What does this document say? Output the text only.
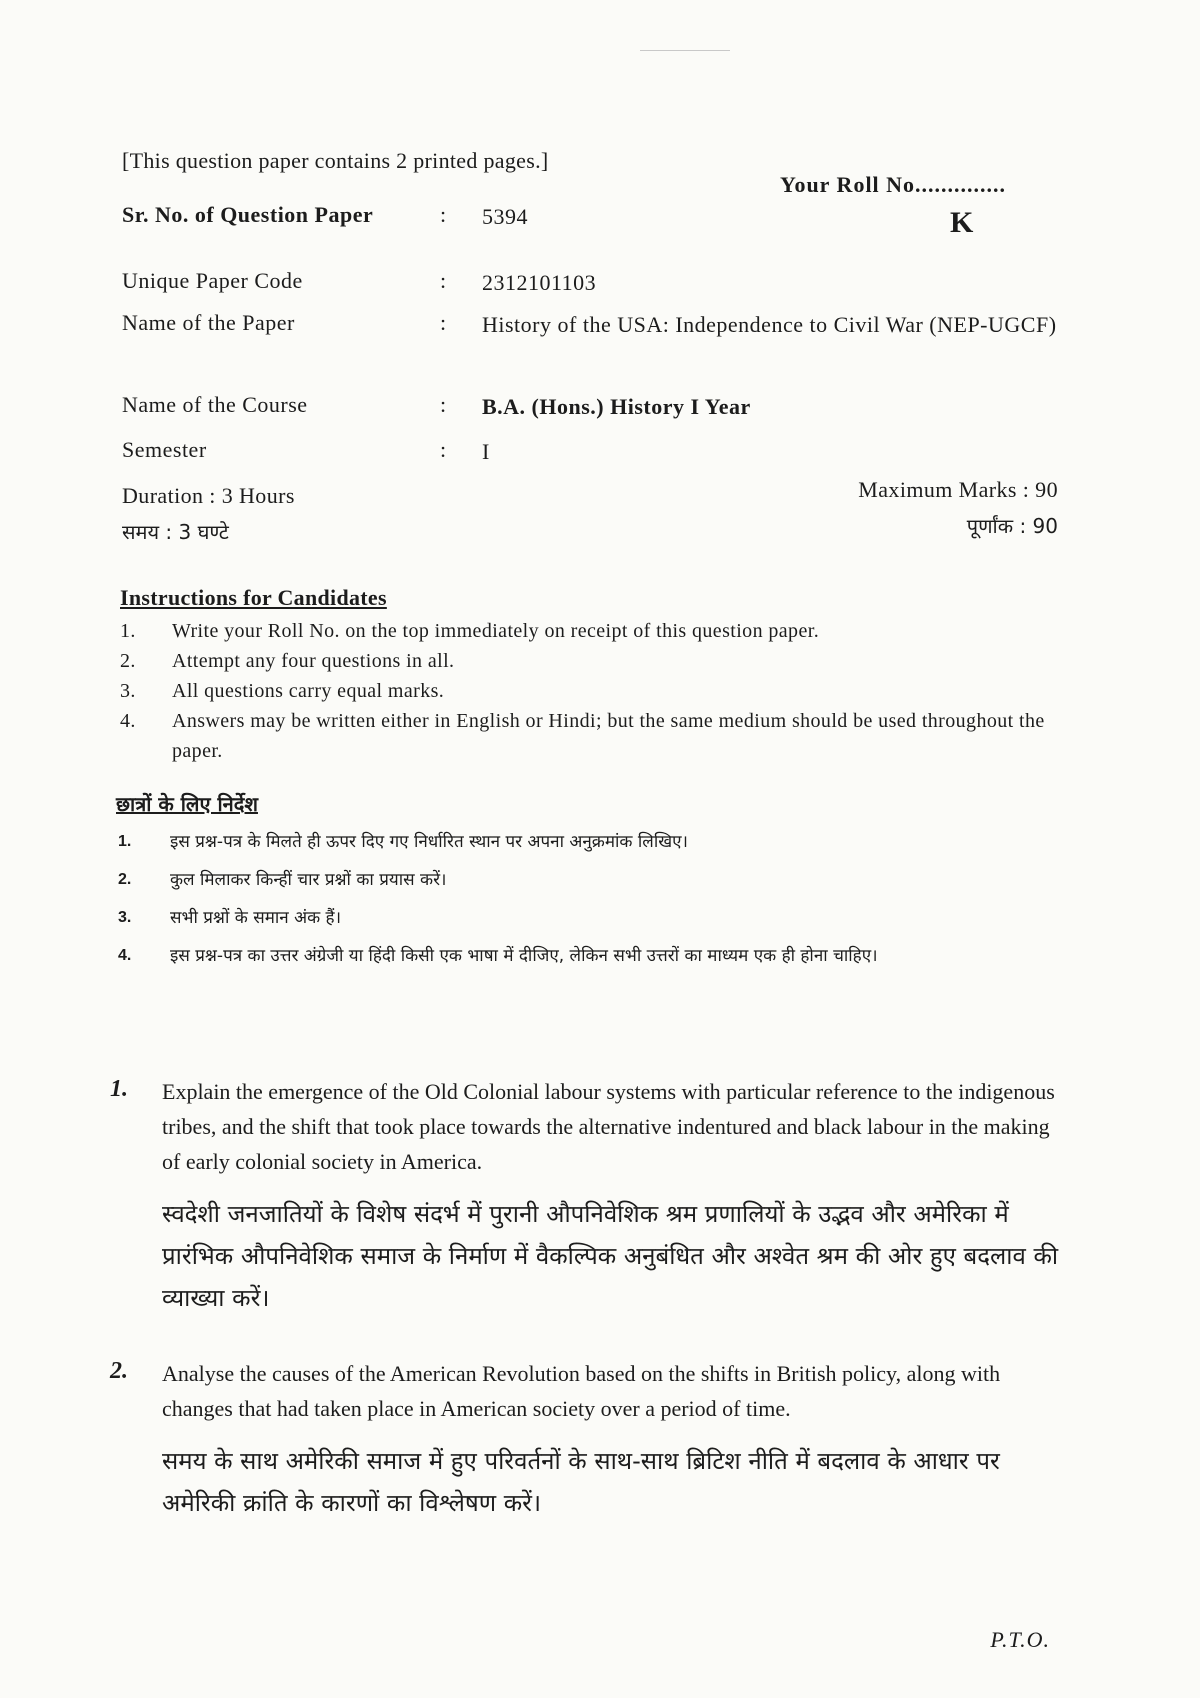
[This question paper contains 2 printed pages.]
Your Roll No..............
K
Sr. No. of Question Paper	: 5394
Unique Paper Code	: 2312101103
Name of the Paper	: History of the USA: Independence to Civil War (NEP-UGCF)
Name of the Course	: B.A. (Hons.) History I Year
Semester	: I
Duration : 3 Hours
समय : 3 घण्टे
Maximum Marks : 90
पूर्णांक : 90
Instructions for Candidates
1. Write your Roll No. on the top immediately on receipt of this question paper.
2. Attempt any four questions in all.
3. All questions carry equal marks.
4. Answers may be written either in English or Hindi; but the same medium should be used throughout the paper.
छात्रों के लिए निर्देश
1. इस प्रश्न-पत्र के मिलते ही ऊपर दिए गए निर्धारित स्थान पर अपना अनुक्रमांक लिखिए।
2. कुल मिलाकर किन्हीं चार प्रश्नों का प्रयास करें।
3. सभी प्रश्नों के समान अंक हैं।
4. इस प्रश्न-पत्र का उत्तर अंग्रेजी या हिंदी किसी एक भाषा में दीजिए, लेकिन सभी उत्तरों का माध्यम एक ही होना चाहिए।
1. Explain the emergence of the Old Colonial labour systems with particular reference to the indigenous tribes, and the shift that took place towards the alternative indentured and black labour in the making of early colonial society in America.
स्वदेशी जनजातियों के विशेष संदर्भ में पुरानी औपनिवेशिक श्रम प्रणालियों के उद्भव और अमेरिका में प्रारंभिक औपनिवेशिक समाज के निर्माण में वैकल्पिक अनुबंधित और अश्वेत श्रम की ओर हुए बदलाव की व्याख्या करें।
2. Analyse the causes of the American Revolution based on the shifts in British policy, along with changes that had taken place in American society over a period of time.
समय के साथ अमेरिकी समाज में हुए परिवर्तनों के साथ-साथ ब्रिटिश नीति में बदलाव के आधार पर अमेरिकी क्रांति के कारणों का विश्लेषण करें।
P.T.O.
